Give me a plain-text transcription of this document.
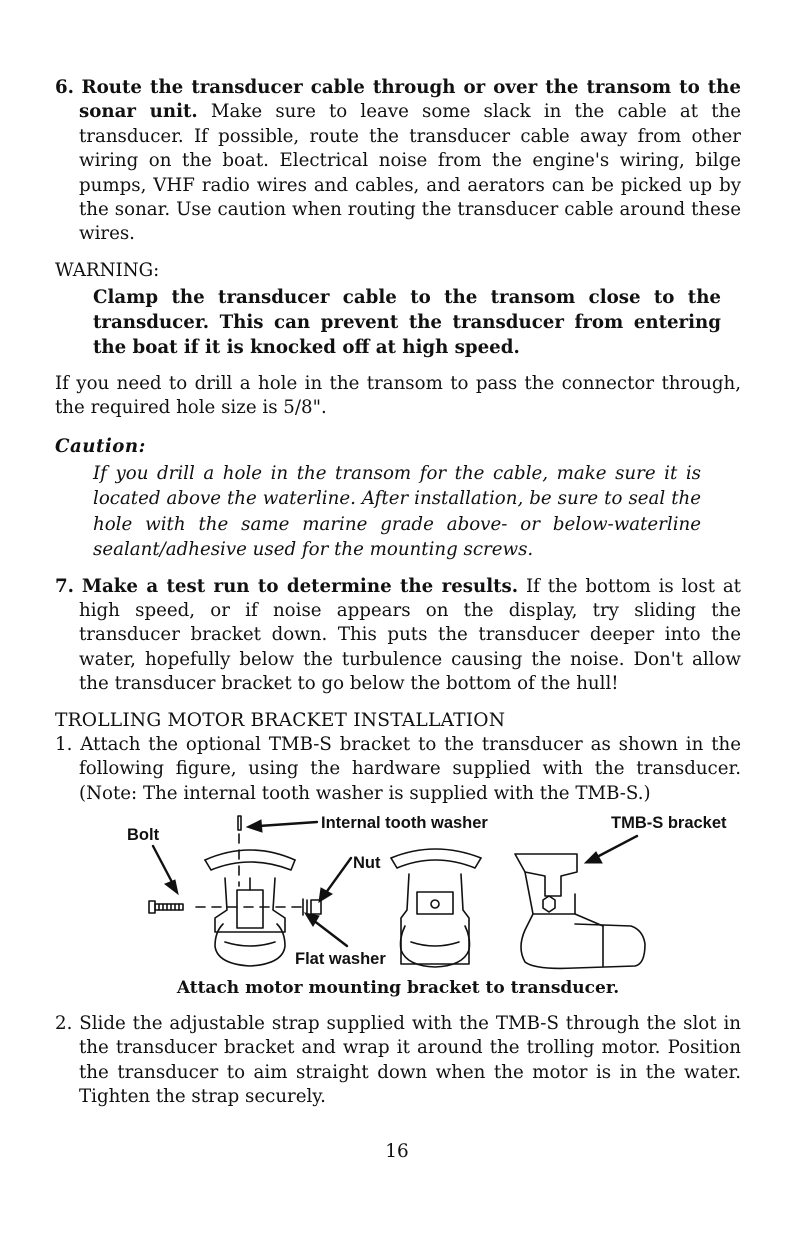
6. Route the transducer cable through or over the transom to the sonar unit. Make sure to leave some slack in the cable at the transducer. If possible, route the transducer cable away from other wiring on the boat. Electrical noise from the engine's wiring, bilge pumps, VHF radio wires and cables, and aerators can be picked up by the sonar. Use caution when routing the transducer cable around these wires.

WARNING:

Clamp the transducer cable to the transom close to the transducer. This can prevent the transducer from entering the boat if it is knocked off at high speed.

If you need to drill a hole in the transom to pass the connector through, the required hole size is 5/8".

Caution:

If you drill a hole in the transom for the cable, make sure it is located above the waterline. After installation, be sure to seal the hole with the same marine grade above- or below-waterline sealant/adhesive used for the mounting screws.

7. Make a test run to determine the results. If the bottom is lost at high speed, or if noise appears on the display, try sliding the transducer bracket down. This puts the transducer deeper into the water, hopefully below the turbulence causing the noise. Don't allow the transducer bracket to go below the bottom of the hull!

TROLLING MOTOR BRACKET INSTALLATION

1. Attach the optional TMB-S bracket to the transducer as shown in the following figure, using the hardware supplied with the transducer. (Note: The internal tooth washer is supplied with the TMB-S.)

Bolt
Internal tooth washer
Nut
Flat washer
TMB-S bracket

Attach motor mounting bracket to transducer.

2. Slide the adjustable strap supplied with the TMB-S through the slot in the transducer bracket and wrap it around the trolling motor. Position the transducer to aim straight down when the motor is in the water. Tighten the strap securely.

16
